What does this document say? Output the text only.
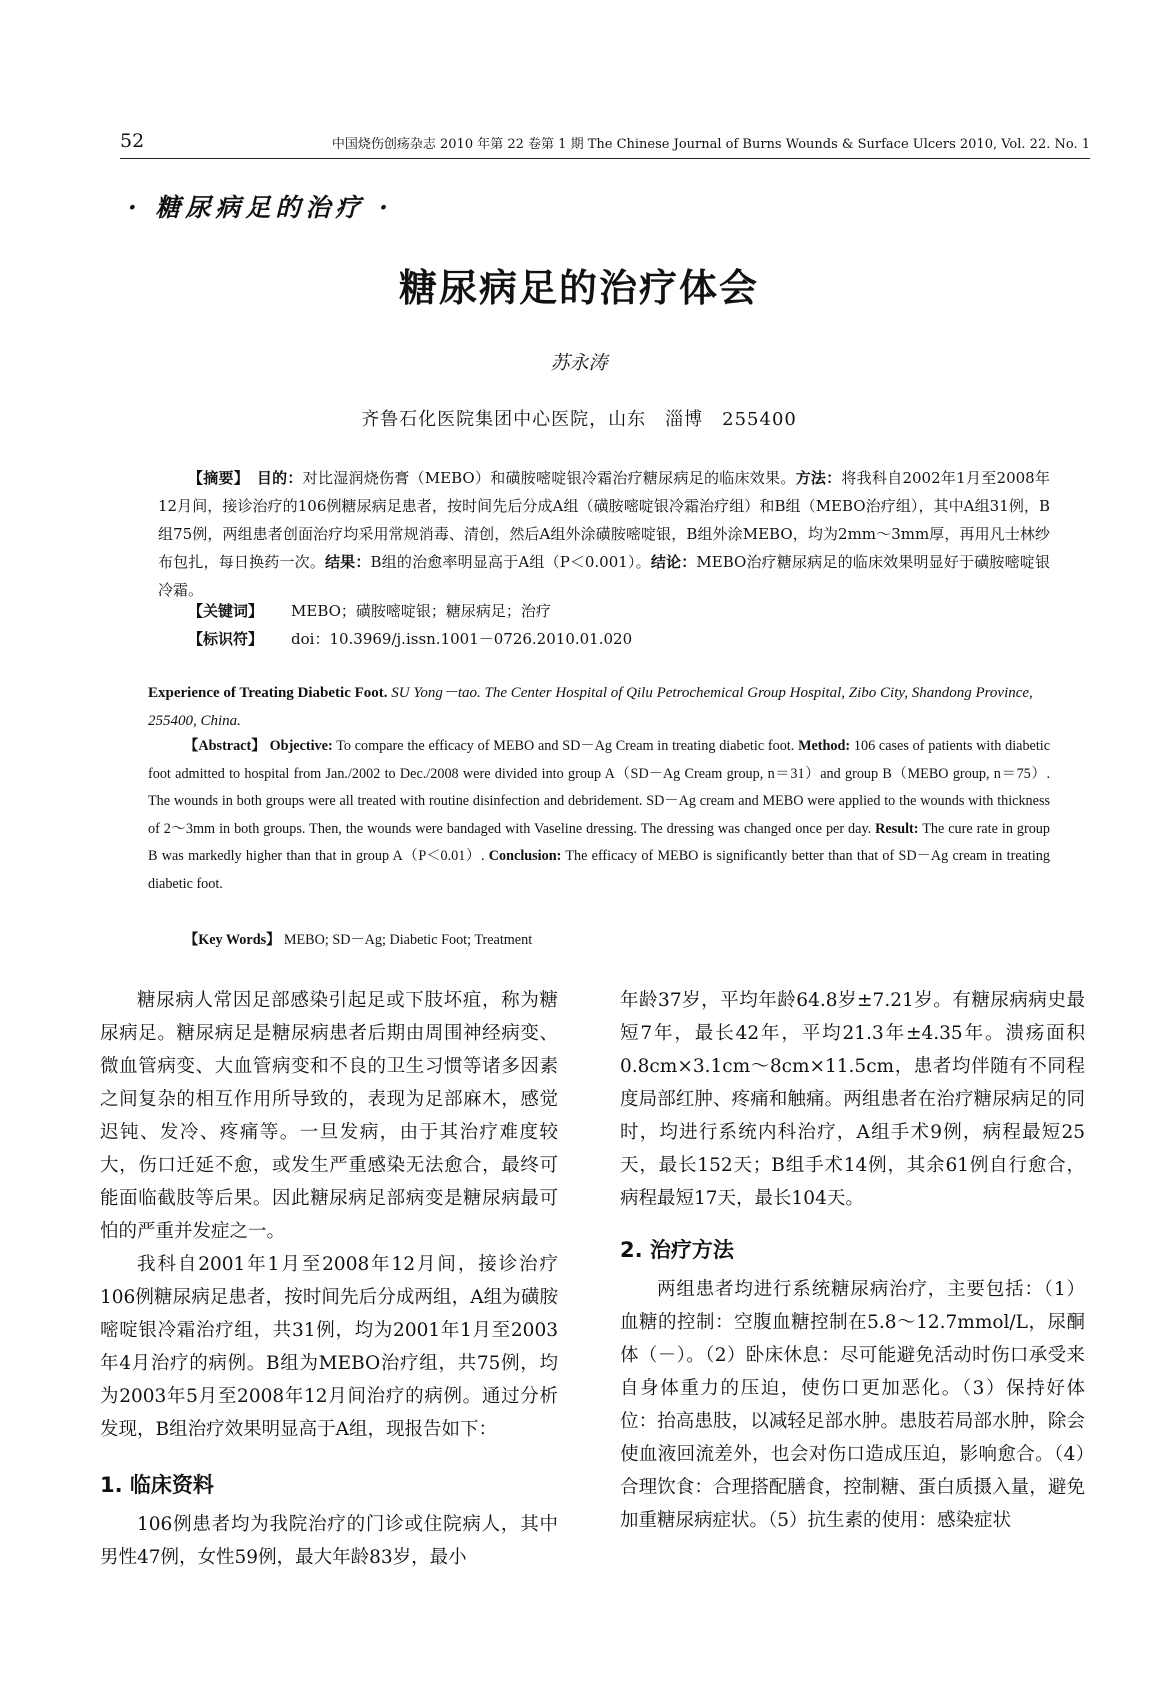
52	中国烧伤创疡杂志 2010 年第 22 卷第 1 期 The Chinese Journal of Burns Wounds & Surface Ulcers 2010, Vol. 22. No. 1
· 糖尿病足的治疗 ·
糖尿病足的治疗体会
苏永涛
齐鲁石化医院集团中心医院，山东　淄博　255400
【摘要】　 目的：对比湿润烧伤膏（MEBO）和磺胺嘧啶银冷霜治疗糖尿病足的临床效果。方法：将我科自2002年1月至2008年12月间，接诊治疗的106例糖尿病足患者，按时间先后分成A组（磺胺嘧啶银冷霜治疗组）和B组（MEBO治疗组），其中A组31例，B组75例，两组患者创面治疗均采用常规消毒、清创，然后A组外涂磺胺嘧啶银，B组外涂MEBO，均为2mm～3mm厚，再用凡士林纱布包扎，每日换药一次。结果：B组的治愈率明显高于A组（P＜0.001）。结论：MEBO治疗糖尿病足的临床效果明显好于磺胺嘧啶银冷霜。
【关键词】 MEBO；磺胺嘧啶银；糖尿病足；治疗
【标识符】 doi：10.3969/j.issn.1001－0726.2010.01.020
Experience of Treating Diabetic Foot. SU Yong－tao. The Center Hospital of Qilu Petrochemical Group Hospital, Zibo City, Shandong Province, 255400, China.
【Abstract】 Objective: To compare the efficacy of MEBO and SD－Ag Cream in treating diabetic foot. Method: 106 cases of patients with diabetic foot admitted to hospital from Jan./2002 to Dec./2008 were divided into group A（SD－Ag Cream group, n＝31）and group B（MEBO group, n＝75）. The wounds in both groups were all treated with routine disinfection and debridement. SD－Ag cream and MEBO were applied to the wounds with thickness of 2～3mm in both groups. Then, the wounds were bandaged with Vaseline dressing. The dressing was changed once per day. Result: The cure rate in group B was markedly higher than that in group A（P＜0.01）. Conclusion: The efficacy of MEBO is significantly better than that of SD－Ag cream in treating diabetic foot.
【Key Words】 MEBO; SD－Ag; Diabetic Foot; Treatment

糖尿病人常因足部感染引起足或下肢坏疽，称为糖尿病足。糖尿病足是糖尿病患者后期由周围神经病变、微血管病变、大血管病变和不良的卫生习惯等诸多因素之间复杂的相互作用所导致的，表现为足部麻木，感觉迟钝、发冷、疼痛等。一旦发病，由于其治疗难度较大，伤口迁延不愈，或发生严重感染无法愈合，最终可能面临截肢等后果。因此糖尿病足部病变是糖尿病最可怕的严重并发症之一。

我科自2001年1月至2008年12月间，接诊治疗106例糖尿病足患者，按时间先后分成两组，A组为磺胺嘧啶银冷霜治疗组，共31例，均为2001年1月至2003年4月治疗的病例。B组为MEBO治疗组，共75例，均为2003年5月至2008年12月间治疗的病例。通过分析发现，B组治疗效果明显高于A组，现报告如下：

1. 临床资料

106例患者均为我院治疗的门诊或住院病人，其中男性47例，女性59例，最大年龄83岁，最小

年龄37岁，平均年龄64.8岁±7.21岁。有糖尿病病史最短7年，最长42年，平均21.3年±4.35年。溃疡面积0.8cm×3.1cm～8cm×11.5cm，患者均伴随有不同程度局部红肿、疼痛和触痛。两组患者在治疗糖尿病足的同时，均进行系统内科治疗，A组手术9例，病程最短25天，最长152天；B组手术14例，其余61例自行愈合，病程最短17天，最长104天。

2. 治疗方法

两组患者均进行系统糖尿病治疗，主要包括：（1）血糖的控制：空腹血糖控制在5.8～12.7mmol/L，尿酮体（－）。（2）卧床休息：尽可能避免活动时伤口承受来自身体重力的压迫，使伤口更加恶化。（3）保持好体位：抬高患肢，以减轻足部水肿。患肢若局部水肿，除会使血液回流差外，也会对伤口造成压迫，影响愈合。（4）合理饮食：合理搭配膳食，控制糖、蛋白质摄入量，避免加重糖尿病症状。（5）抗生素的使用：感染症状
